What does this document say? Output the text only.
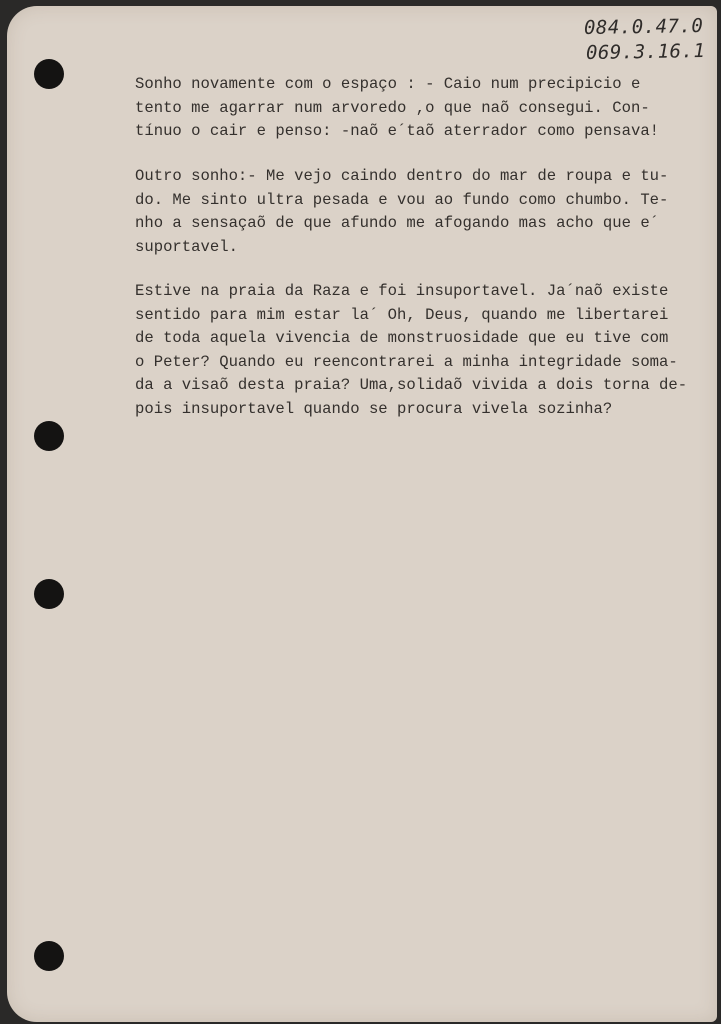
084.0.47.0
069.3.16.1

Sonho novamente com o espaço : - Caio num precipicio e
tento me agarrar num arvoredo ,o que naõ consegui. Con-
tínuo o cair e penso: -naõ e´taõ aterrador como pensava!

Outro sonho:- Me vejo caindo dentro do mar de roupa e tu-
do. Me sinto ultra pesada e vou ao fundo como chumbo. Te-
nho a sensaçaõ de que afundo me afogando mas acho que e´
suportavel.

Estive na praia da Raza e foi insuportavel. Ja´naõ existe
sentido para mim estar la´ Oh, Deus, quando me libertarei
de toda aquela vivencia de monstruosidade que eu tive com
o Peter? Quando eu reencontrarei a minha integridade soma-
da a visaõ desta praia? Uma,solidaõ vivida a dois torna de-
pois insuportavel quando se procura vivela sozinha?
